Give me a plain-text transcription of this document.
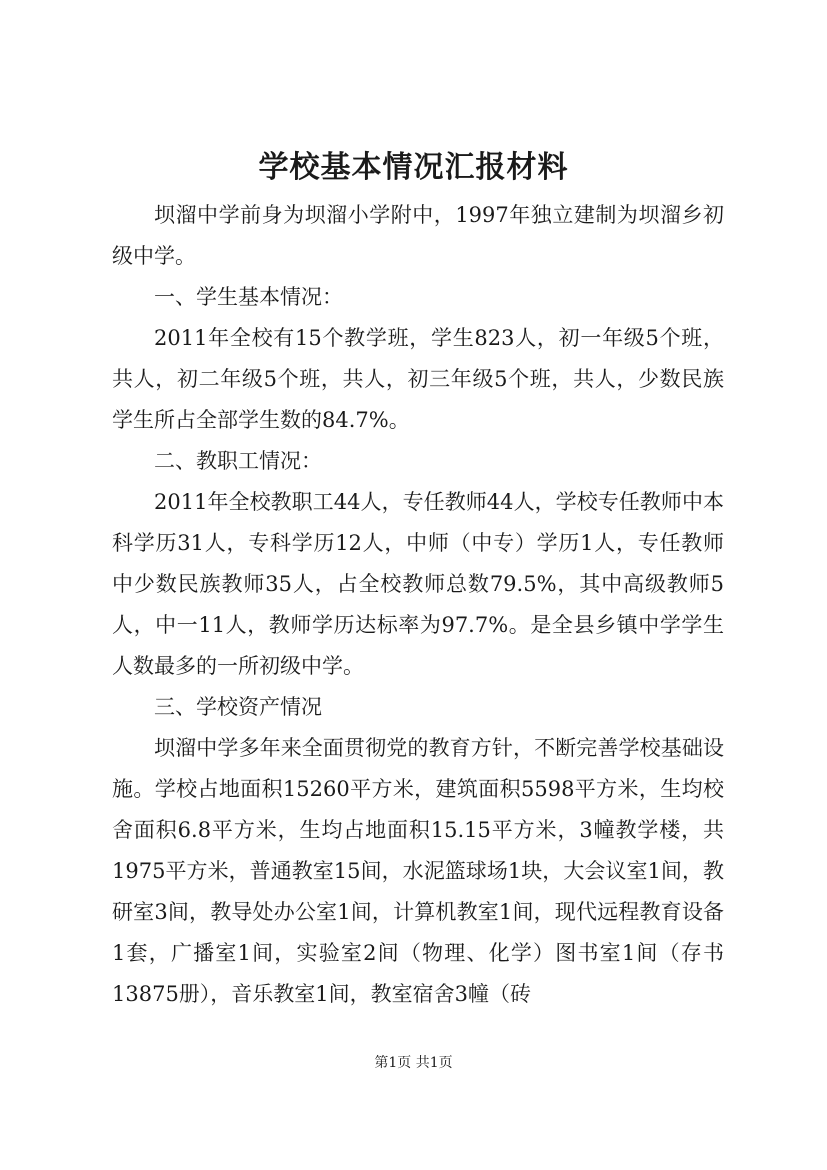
学校基本情况汇报材料

坝溜中学前身为坝溜小学附中，1997年独立建制为坝溜乡初级中学。

一、学生基本情况：

2011年全校有15个教学班，学生823人，初一年级5个班，共人，初二年级5个班，共人，初三年级5个班，共人，少数民族学生所占全部学生数的84.7%。

二、教职工情况：

2011年全校教职工44人，专任教师44人，学校专任教师中本科学历31人，专科学历12人，中师（中专）学历1人，专任教师中少数民族教师35人，占全校教师总数79.5%，其中高级教师5人，中一11人，教师学历达标率为97.7%。是全县乡镇中学学生人数最多的一所初级中学。

三、学校资产情况

坝溜中学多年来全面贯彻党的教育方针，不断完善学校基础设施。学校占地面积15260平方米，建筑面积5598平方米，生均校舍面积6.8平方米，生均占地面积15.15平方米，3幢教学楼，共1975平方米，普通教室15间，水泥篮球场1块，大会议室1间，教研室3间，教导处办公室1间，计算机教室1间，现代远程教育设备1套，广播室1间，实验室2间（物理、化学）图书室1间（存书13875册），音乐教室1间，教室宿舍3幢（砖

第1页 共1页
